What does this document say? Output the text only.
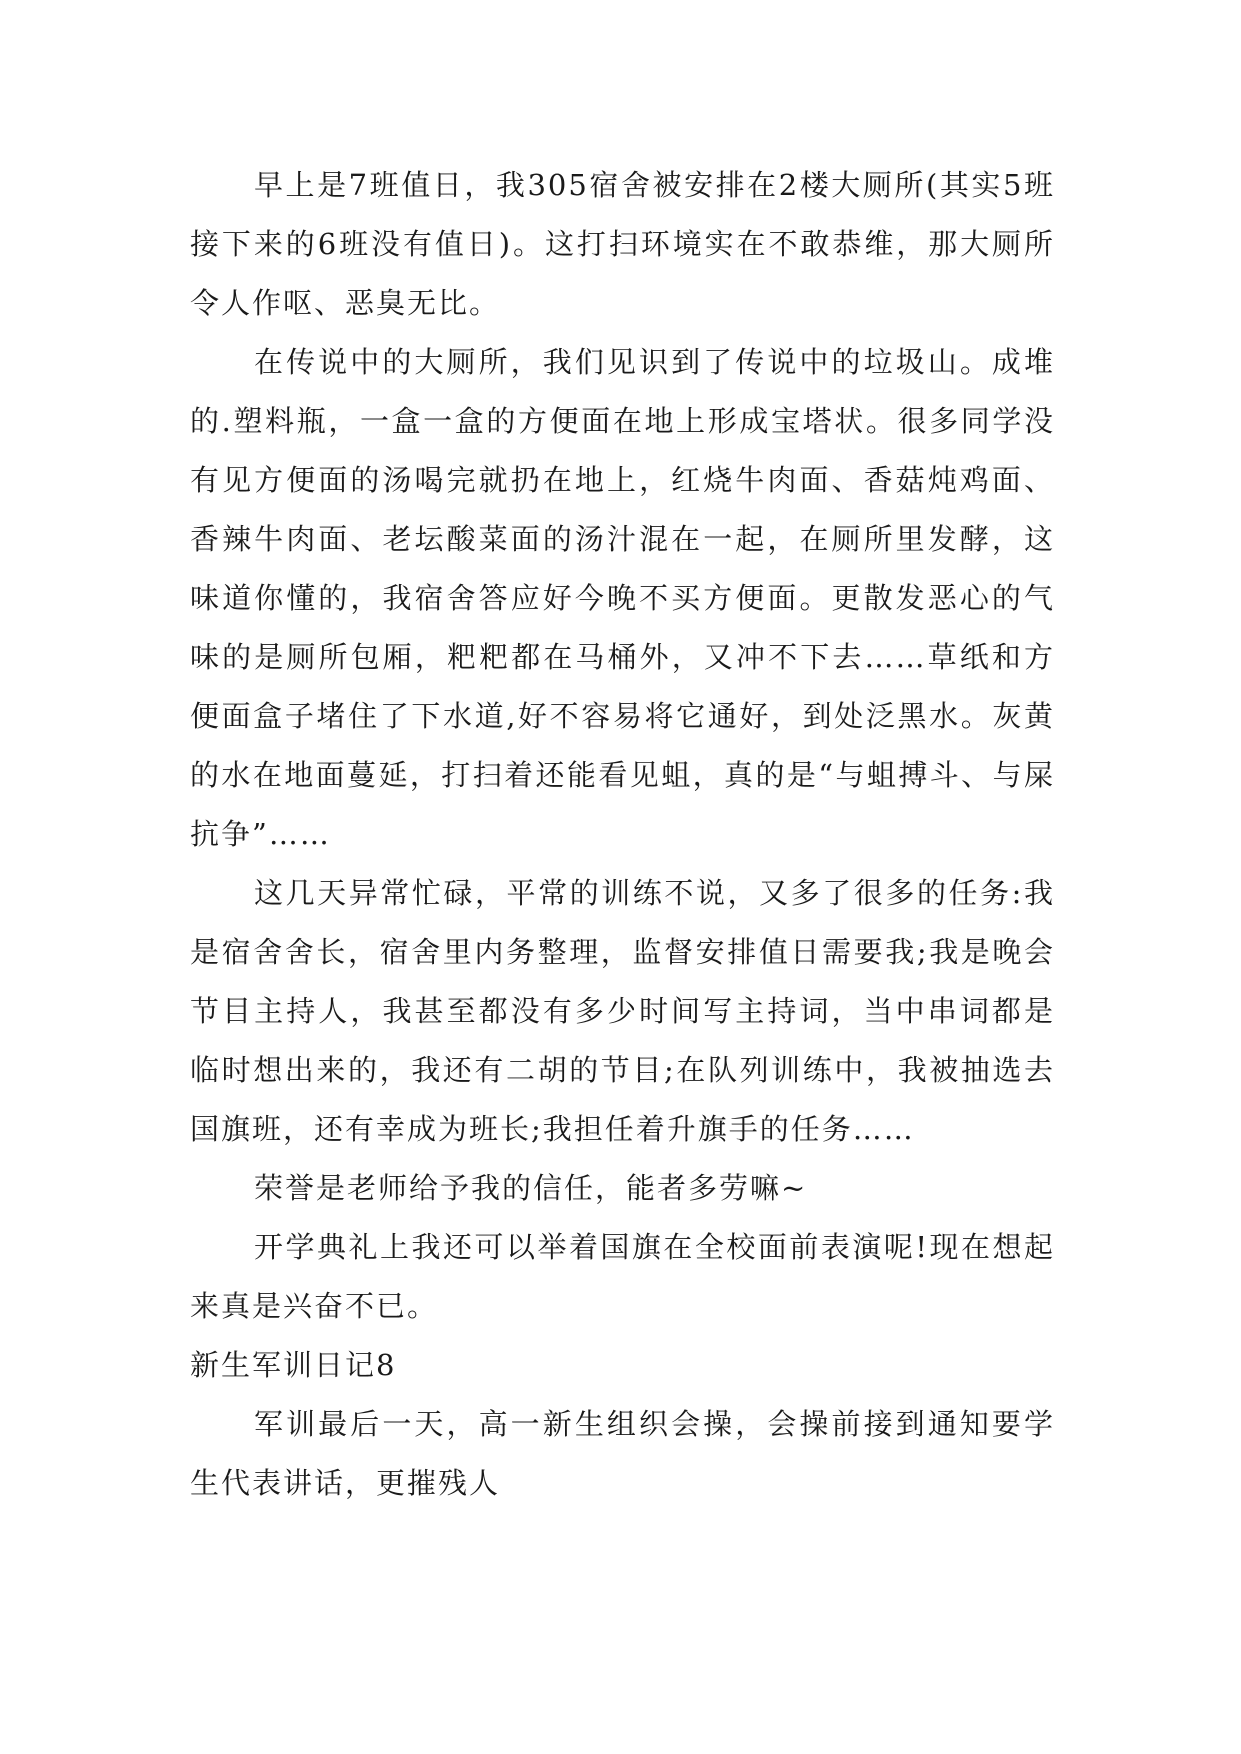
早上是7班值日，我305宿舍被安排在2楼大厕所(其实5班接下来的6班没有值日)。这打扫环境实在不敢恭维，那大厕所令人作呕、恶臭无比。

在传说中的大厕所，我们见识到了传说中的垃圾山。成堆的.塑料瓶，一盒一盒的方便面在地上形成宝塔状。很多同学没有见方便面的汤喝完就扔在地上，红烧牛肉面、香菇炖鸡面、香辣牛肉面、老坛酸菜面的汤汁混在一起，在厕所里发酵，这味道你懂的，我宿舍答应好今晚不买方便面。更散发恶心的气味的是厕所包厢，粑粑都在马桶外，又冲不下去……草纸和方便面盒子堵住了下水道,好不容易将它通好，到处泛黑水。灰黄的水在地面蔓延，打扫着还能看见蛆，真的是“与蛆搏斗、与屎抗争”……

这几天异常忙碌，平常的训练不说，又多了很多的任务:我是宿舍舍长，宿舍里内务整理，监督安排值日需要我;我是晚会节目主持人，我甚至都没有多少时间写主持词，当中串词都是临时想出来的，我还有二胡的节目;在队列训练中，我被抽选去国旗班，还有幸成为班长;我担任着升旗手的任务……

荣誉是老师给予我的信任，能者多劳嘛~

开学典礼上我还可以举着国旗在全校面前表演呢!现在想起来真是兴奋不已。

新生军训日记8

军训最后一天，高一新生组织会操，会操前接到通知要学生代表讲话，更摧残人
